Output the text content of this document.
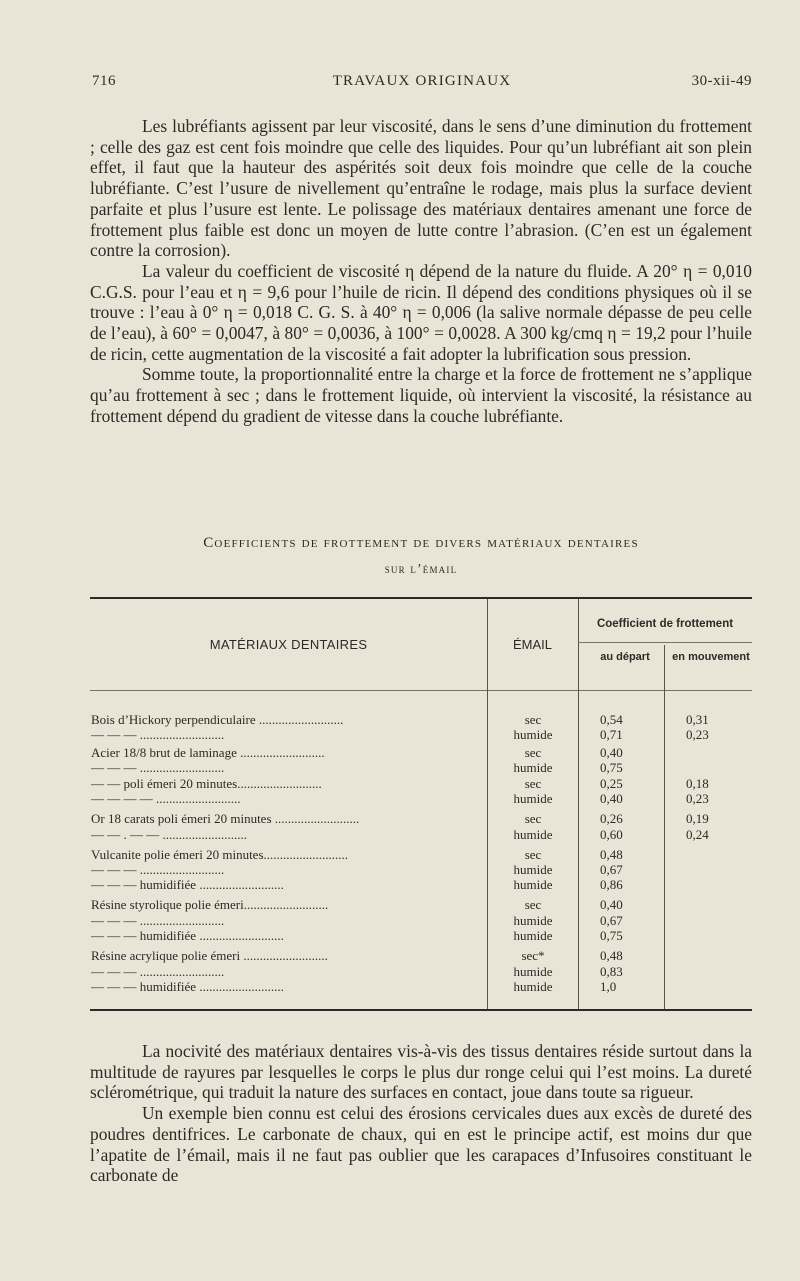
716	TRAVAUX ORIGINAUX	30-xii-49

Les lubréfiants agissent par leur viscosité, dans le sens d’une diminution du frottement ; celle des gaz est cent fois moindre que celle des liquides. Pour qu’un lubréfiant ait son plein effet, il faut que la hauteur des aspérités soit deux fois moindre que celle de la couche lubréfiante. C’est l’usure de nivellement qu’entraîne le rodage, mais plus la surface devient parfaite et plus l’usure est lente. Le polissage des matériaux dentaires amenant une force de frottement plus faible est donc un moyen de lutte contre l’abrasion. (C’en est un également contre la corrosion).

La valeur du coefficient de viscosité η dépend de la nature du fluide. A 20° η = 0,010 C.G.S. pour l’eau et η = 9,6 pour l’huile de ricin. Il dépend des conditions physiques où il se trouve : l’eau à 0° η = 0,018 C. G. S. à 40° η = 0,006 (la salive normale dépasse de peu celle de l’eau), à 60° = 0,0047, à 80° = 0,0036, à 100° = 0,0028. A 300 kg/cmq η = 19,2 pour l’huile de ricin, cette augmentation de la viscosité a fait adopter la lubrification sous pression.

Somme toute, la proportionnalité entre la charge et la force de frottement ne s’applique qu’au frottement à sec ; dans le frottement liquide, où intervient la viscosité, la résistance au frottement dépend du gradient de vitesse dans la couche lubréfiante.

Coefficients de frottement de divers matériaux dentaires
sur l’émail
MATÉRIAUX DENTAIRES	ÉMAIL
Coefficient de frottement
au départ en mouvement
Bois d’Hickory perpendiculaire ..........................	sec	0,54	0,31
— — — ..........................	humide	0,71	0,23
Acier 18/8 brut de laminage ..........................	sec	0,40
— — — ..........................	humide	0,75
— — poli émeri 20 minutes..........................	sec	0,25	0,18
— — — — ..........................	humide	0,40	0,23
Or 18 carats poli émeri 20 minutes ..........................	sec	0,26	0,19
— — . — — ..........................	humide	0,60	0,24
Vulcanite polie émeri 20 minutes..........................	sec	0,48
— — — ..........................	humide	0,67
— — — humidifiée ..........................	humide	0,86
Résine styrolique polie émeri..........................	sec	0,40
— — — ..........................	humide	0,67
— — — humidifiée ..........................	humide	0,75
Résine acrylique polie émeri ..........................	sec*	0,48
— — — ..........................	humide	0,83
— — — humidifiée ..........................	humide	1,0

La nocivité des matériaux dentaires vis-à-vis des tissus dentaires réside surtout dans la multitude de rayures par lesquelles le corps le plus dur ronge celui qui l’est moins. La dureté sclérométrique, qui traduit la nature des surfaces en contact, joue dans toute sa rigueur.

Un exemple bien connu est celui des érosions cervicales dues aux excès de dureté des poudres dentifrices. Le carbonate de chaux, qui en est le principe actif, est moins dur que l’apatite de l’émail, mais il ne faut pas oublier que les carapaces d’Infusoires constituant le carbonate de
